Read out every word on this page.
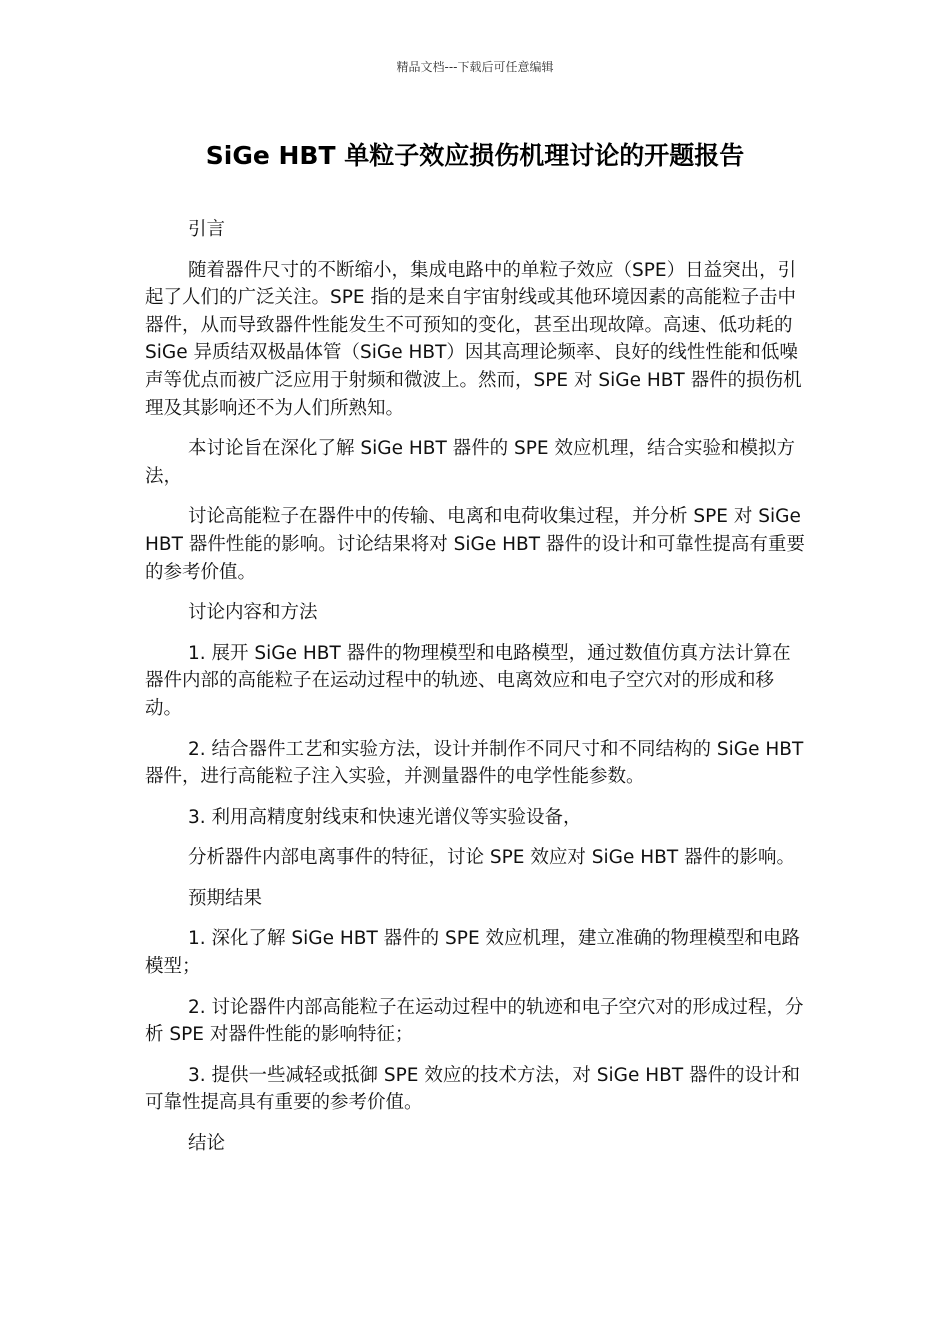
精品文档---下载后可任意编辑
SiGe HBT 单粒子效应损伤机理讨论的开题报告

引言

随着器件尺寸的不断缩小，集成电路中的单粒子效应（SPE）日益突出，引起了人们的广泛关注。SPE 指的是来自宇宙射线或其他环境因素的高能粒子击中器件，从而导致器件性能发生不可预知的变化，甚至出现故障。高速、低功耗的 SiGe 异质结双极晶体管（SiGe HBT）因其高理论频率、良好的线性性能和低噪声等优点而被广泛应用于射频和微波上。然而，SPE 对 SiGe HBT 器件的损伤机理及其影响还不为人们所熟知。

本讨论旨在深化了解 SiGe HBT 器件的 SPE 效应机理，结合实验和模拟方法，

讨论高能粒子在器件中的传输、电离和电荷收集过程，并分析 SPE 对 SiGe HBT 器件性能的影响。讨论结果将对 SiGe HBT 器件的设计和可靠性提高有重要的参考价值。

讨论内容和方法

1. 展开 SiGe HBT 器件的物理模型和电路模型，通过数值仿真方法计算在器件内部的高能粒子在运动过程中的轨迹、电离效应和电子空穴对的形成和移动。

2. 结合器件工艺和实验方法，设计并制作不同尺寸和不同结构的 SiGe HBT 器件，进行高能粒子注入实验，并测量器件的电学性能参数。

3. 利用高精度射线束和快速光谱仪等实验设备，

分析器件内部电离事件的特征，讨论 SPE 效应对 SiGe HBT 器件的影响。

预期结果

1. 深化了解 SiGe HBT 器件的 SPE 效应机理，建立准确的物理模型和电路模型；

2. 讨论器件内部高能粒子在运动过程中的轨迹和电子空穴对的形成过程，分析 SPE 对器件性能的影响特征；

3. 提供一些减轻或抵御 SPE 效应的技术方法，对 SiGe HBT 器件的设计和可靠性提高具有重要的参考价值。

结论
